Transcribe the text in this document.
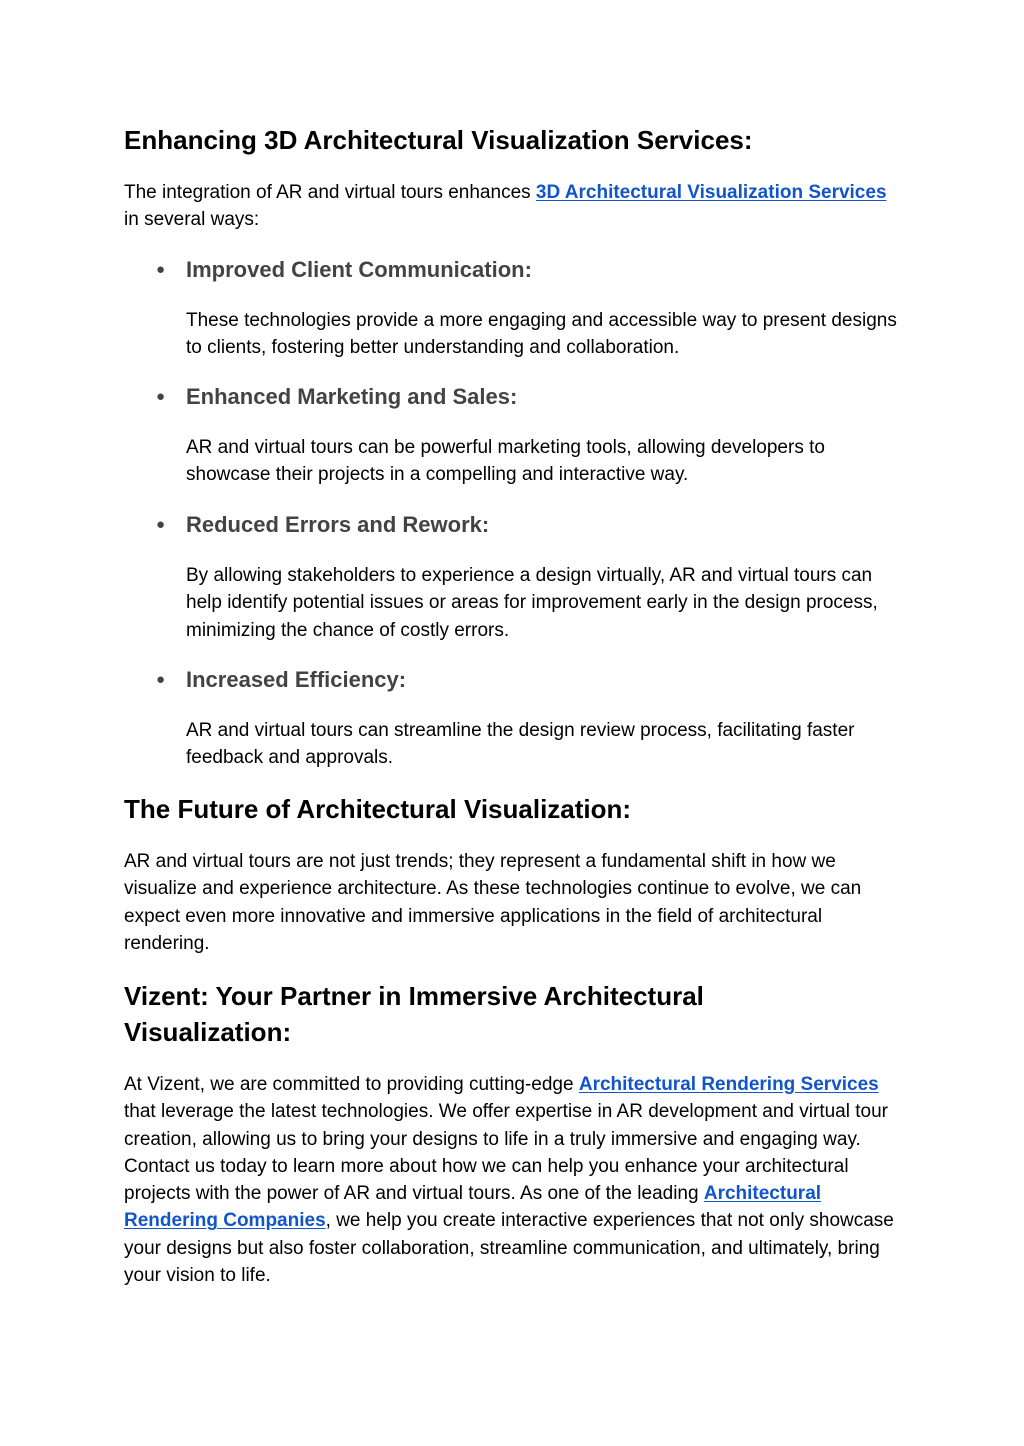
Enhancing 3D Architectural Visualization Services:

The integration of AR and virtual tours enhances 3D Architectural Visualization Services in several ways:

● Improved Client Communication:

These technologies provide a more engaging and accessible way to present designs to clients, fostering better understanding and collaboration.

● Enhanced Marketing and Sales:

AR and virtual tours can be powerful marketing tools, allowing developers to showcase their projects in a compelling and interactive way.

● Reduced Errors and Rework:

By allowing stakeholders to experience a design virtually, AR and virtual tours can help identify potential issues or areas for improvement early in the design process, minimizing the chance of costly errors.

● Increased Efficiency:

AR and virtual tours can streamline the design review process, facilitating faster feedback and approvals.

The Future of Architectural Visualization:

AR and virtual tours are not just trends; they represent a fundamental shift in how we visualize and experience architecture. As these technologies continue to evolve, we can expect even more innovative and immersive applications in the field of architectural rendering.

Vizent: Your Partner in Immersive Architectural Visualization:

At Vizent, we are committed to providing cutting-edge Architectural Rendering Services that leverage the latest technologies. We offer expertise in AR development and virtual tour creation, allowing us to bring your designs to life in a truly immersive and engaging way. Contact us today to learn more about how we can help you enhance your architectural projects with the power of AR and virtual tours. As one of the leading Architectural Rendering Companies, we help you create interactive experiences that not only showcase your designs but also foster collaboration, streamline communication, and ultimately, bring your vision to life.
